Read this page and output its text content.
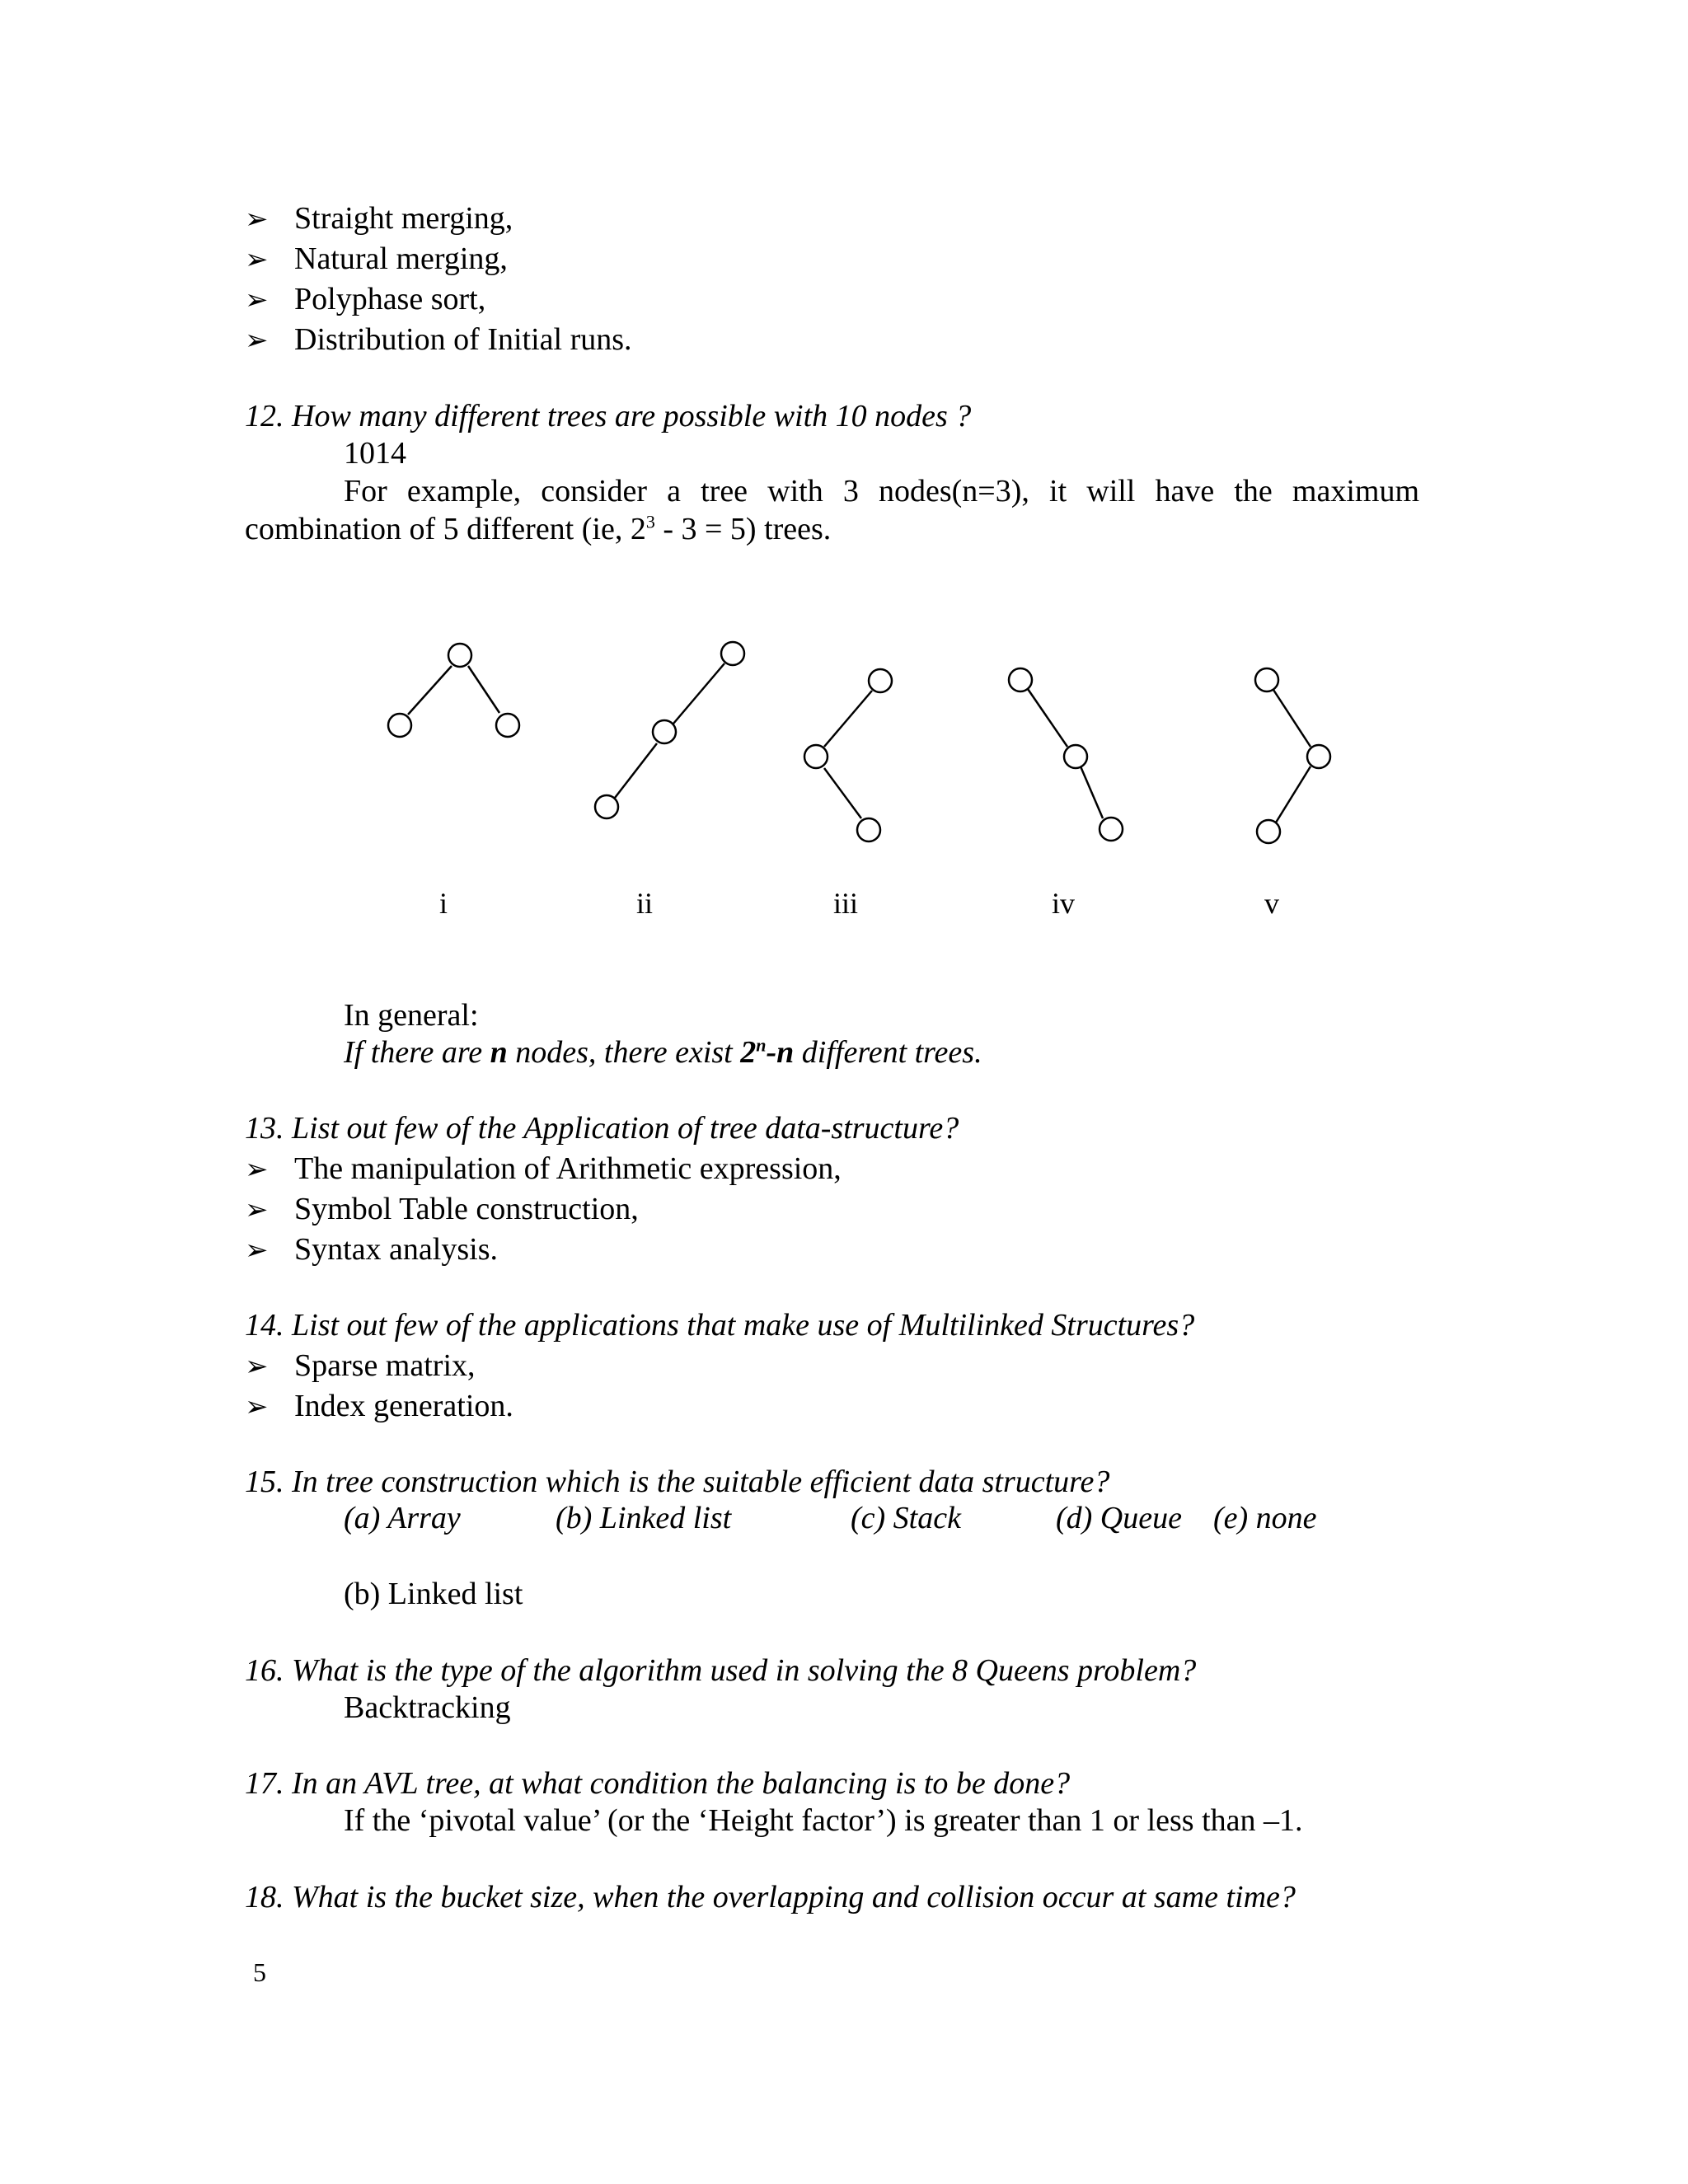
➢ Straight merging,
➢ Natural merging,
➢ Polyphase sort,
➢ Distribution of Initial runs.
12. How many different trees are possible with 10 nodes ?
1014
For example, consider a tree with 3 nodes(n=3), it will have the maximum
combination of 5 different (ie, $2^3 - 3 = 5$) trees.
i	ii	iii	iv	v
In general:
If there are n nodes, there exist 2$^n$-n different trees.
13. List out few of the Application of tree data-structure?
➢ The manipulation of Arithmetic expression,
➢ Symbol Table construction,
➢ Syntax analysis.
14. List out few of the applications that make use of Multilinked Structures?
➢ Sparse matrix,
➢ Index generation.
15. In tree construction which is the suitable efficient data structure?
(a) Array	(b) Linked list	(c) Stack	(d) Queue (e) none
(b) Linked list
16. What is the type of the algorithm used in solving the 8 Queens problem?
Backtracking
17. In an AVL tree, at what condition the balancing is to be done?
If the ‘pivotal value’ (or the ‘Height factor’) is greater than 1 or less than –1.
18. What is the bucket size, when the overlapping and collision occur at same time?
5
